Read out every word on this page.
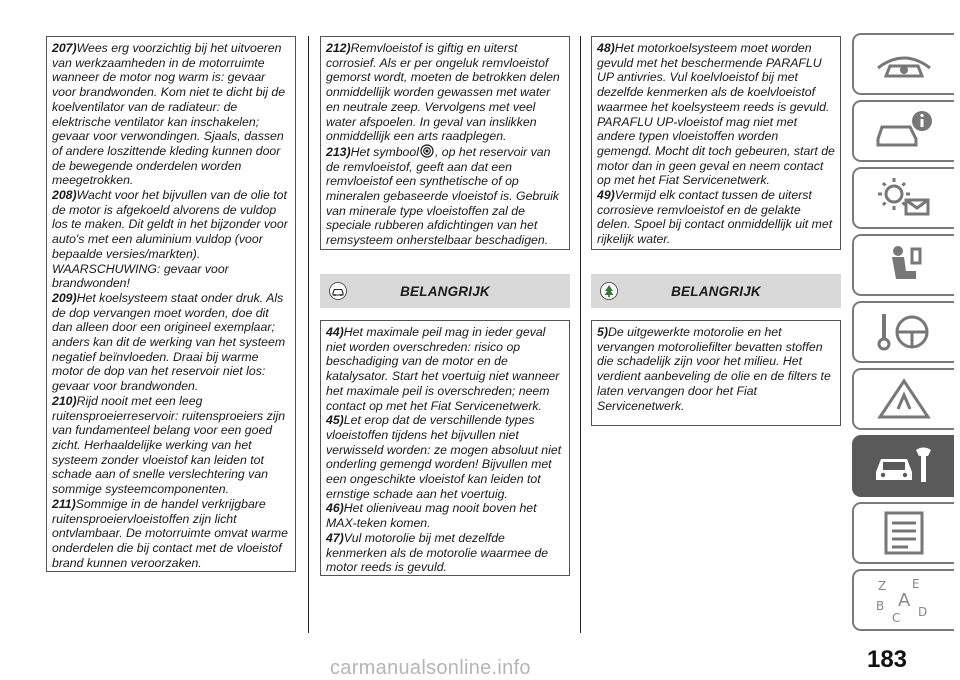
207)Wees erg voorzichtig bij het uitvoeren van werkzaamheden in de motorruimte wanneer de motor nog warm is: gevaar voor brandwonden. Kom niet te dicht bij de koelventilator van de radiateur: de elektrische ventilator kan inschakelen; gevaar voor verwondingen. Sjaals, dassen of andere loszittende kleding kunnen door de bewegende onderdelen worden meegetrokken.

208)Wacht voor het bijvullen van de olie tot de motor is afgekoeld alvorens de vuldop los te maken. Dit geldt in het bijzonder voor auto's met een aluminium vuldop (voor bepaalde versies/markten). WAARSCHUWING: gevaar voor brandwonden!

209)Het koelsysteem staat onder druk. Als de dop vervangen moet worden, doe dit dan alleen door een origineel exemplaar; anders kan dit de werking van het systeem negatief beïnvloeden. Draai bij warme motor de dop van het reservoir niet los: gevaar voor brandwonden.

210)Rijd nooit met een leeg ruitensproeierreservoir: ruitensproeiers zijn van fundamenteel belang voor een goed zicht. Herhaaldelijke werking van het systeem zonder vloeistof kan leiden tot schade aan of snelle verslechtering van sommige systeemcomponenten.

211)Sommige in de handel verkrijgbare ruitensproeiervloeistoffen zijn licht ontvlambaar. De motorruimte omvat warme onderdelen die bij contact met de vloeistof brand kunnen veroorzaken.

212)Remvloeistof is giftig en uiterst corrosief. Als er per ongeluk remvloeistof gemorst wordt, moeten de betrokken delen onmiddellijk worden gewassen met water en neutrale zeep. Vervolgens met veel water afspoelen. In geval van inslikken onmiddellijk een arts raadplegen.

213)Het symbool , op het reservoir van de remvloeistof, geeft aan dat een remvloeistof een synthetische of op mineralen gebaseerde vloeistof is. Gebruik van minerale type vloeistoffen zal de speciale rubberen afdichtingen van het remsysteem onherstelbaar beschadigen.

BELANGRIJK

44)Het maximale peil mag in ieder geval niet worden overschreden: risico op beschadiging van de motor en de katalysator. Start het voertuig niet wanneer het maximale peil is overschreden; neem contact op met het Fiat Servicenetwerk.

45)Let erop dat de verschillende types vloeistoffen tijdens het bijvullen niet verwisseld worden: ze mogen absoluut niet onderling gemengd worden! Bijvullen met een ongeschikte vloeistof kan leiden tot ernstige schade aan het voertuig.

46)Het olieniveau mag nooit boven het MAX-teken komen.

47)Vul motorolie bij met dezelfde kenmerken als de motorolie waarmee de motor reeds is gevuld.

48)Het motorkoelsysteem moet worden gevuld met het beschermende PARAFLU UP antivries. Vul koelvloeistof bij met dezelfde kenmerken als de koelvloeistof waarmee het koelsysteem reeds is gevuld. PARAFLU UP-vloeistof mag niet met andere typen vloeistoffen worden gemengd. Mocht dit toch gebeuren, start de motor dan in geen geval en neem contact op met het Fiat Servicenetwerk.

49)Vermijd elk contact tussen de uiterst corrosieve remvloeistof en de gelakte delen. Spoel bij contact onmiddellijk uit met rijkelijk water.

BELANGRIJK

5)De uitgewerkte motorolie en het vervangen motoroliefilter bevatten stoffen die schadelijk zijn voor het milieu. Het verdient aanbeveling de olie en de filters te laten vervangen door het Fiat Servicenetwerk.

Z E
B A
C D
183
carmanualsonline.info
